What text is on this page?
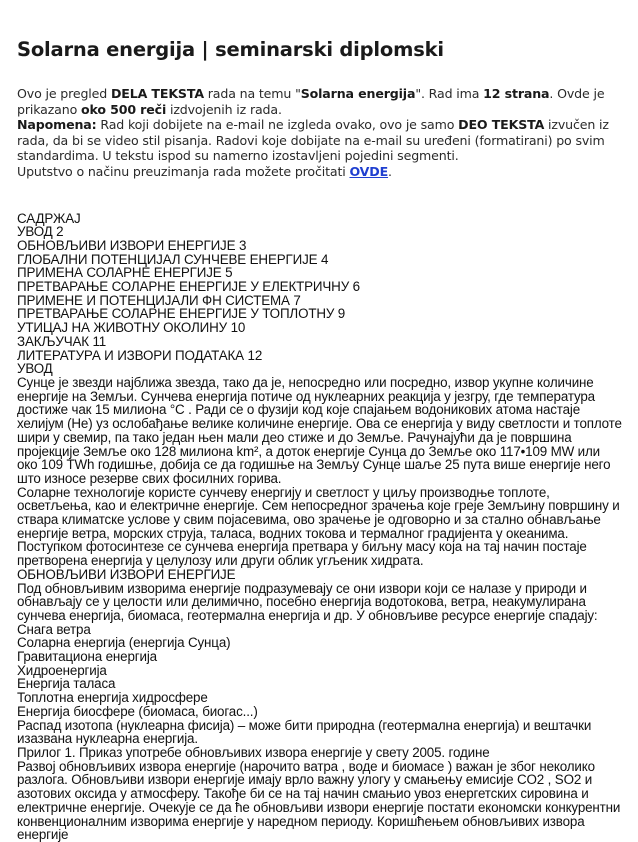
Solarna energija | seminarski diplomski

Ovo je pregled DELA TEKSTA rada na temu "Solarna energija". Rad ima 12 strana. Ovde je prikazano oko 500 reči izdvojenih iz rada.

Napomena: Rad koji dobijete na e-mail ne izgleda ovako, ovo je samo DEO TEKSTA izvučen iz rada, da bi se video stil pisanja. Radovi koje dobijate na e-mail su uređeni (formatirani) po svim standardima. U tekstu ispod su namerno izostavljeni pojedini segmenti.

Uputstvo o načinu preuzimanja rada možete pročitati OVDE.

САДРЖАЈ
УВОД 2
ОБНОВЉИВИ ИЗВОРИ ЕНЕРГИЈЕ 3
ГЛОБАЛНИ ПОТЕНЦИЈАЛ СУНЧЕВЕ ЕНЕРГИЈЕ 4
ПРИМЕНА СОЛАРНЕ ЕНЕРГИЈЕ 5
ПРЕТВАРАЊЕ СОЛАРНЕ ЕНЕРГИЈЕ У ЕЛЕКТРИЧНУ 6
ПРИМЕНЕ И ПОТЕНЦИЈАЛИ ФН СИСТЕМА 7
ПРЕТВАРАЊЕ СОЛАРНЕ ЕНЕРГИЈЕ У ТОПЛОТНУ 9
УТИЦАЈ НА ЖИВОТНУ ОКОЛИНУ 10
ЗАКЉУЧАК 11
ЛИТЕРАТУРА И ИЗВОРИ ПОДАТАКА 12
УВОД
Сунце је звезди најближа звезда, тако да је, непосредно или посредно, извор укупне количине енергије на Земљи. Сунчева енергија потиче од нуклеарних реакција у језгру, где температура достиже чак 15 милиона °C . Ради се о фузији код које спајањем водоникових атома настаје хелијум (Не) уз ослобађање велике количине енергије. Ова се енергија у виду светлости и топлоте шири у свемир, па тако један њен мали део стиже и до Земље. Рачунајући да је површина пројекције Земље око 128 милиона km², а доток енергије Сунца до Земље око 117•109 MW или око 109 TWh годишње, добија се да годишње на Земљу Сунце шаље 25 пута више енергије него што износе резерве свих фосилних горива.
Соларне технологије користе сунчеву енергију и светлост у циљу производње топлоте, осветљења, као и електричне енергије. Сем непосредног зрачења које греје Земљину површину и ствара климатске услове у свим појасевима, ово зрачење је одговорно и за стално обнављање енергије ветра, морских струја, таласа, водних токова и термалног градијента у океанима. Поступком фотосинтезе се сунчева енергија претвара у биљну масу која на тај начин постаје претворена енергија у целулозу или други облик угљеник хидрата.
ОБНОВЉИВИ ИЗВОРИ ЕНЕРГИЈЕ
Под обновљивим изворима енергије подразумевају се они извори који се налазе у природи и обнављају се у целости или делимично, посебно енергија водотокова, ветра, неакумулирана сунчева енергија, биомаса, геотермална енергија и др. У обновљиве ресурсе енергије спадају:
Снага ветра
Соларна енергија (енергија Сунца)
Гравитациона енергија
Хидроенергија
Енергија таласа
Топлотна енергија хидросфере
Енергија биосфере (биомаса, биогас...)
Распад изотопа (нуклеарна фисија) – може бити природна (геотермална енергија) и вештачки изазвана нуклеарна енергија.
Прилог 1. Приказ употребе обновљивих извора енергије у свету 2005. године
Развој обновљивих извора енергије (нарочито ватра , воде и биомасе ) важан је због неколико разлога. Обновљиви извори енергије имају врло важну улогу у смањењу емисије CO2 , SO2 и азотових оксида у атмосферу. Такође би се на тај начин смањио увоз енергетских сировина и електричне енергије. Очекује се да ће обновљиви извори енергије постати економски конкурентни конвенционалним изворима енергије у наредном периоду. Коришћењем обновљивих извора енергије
